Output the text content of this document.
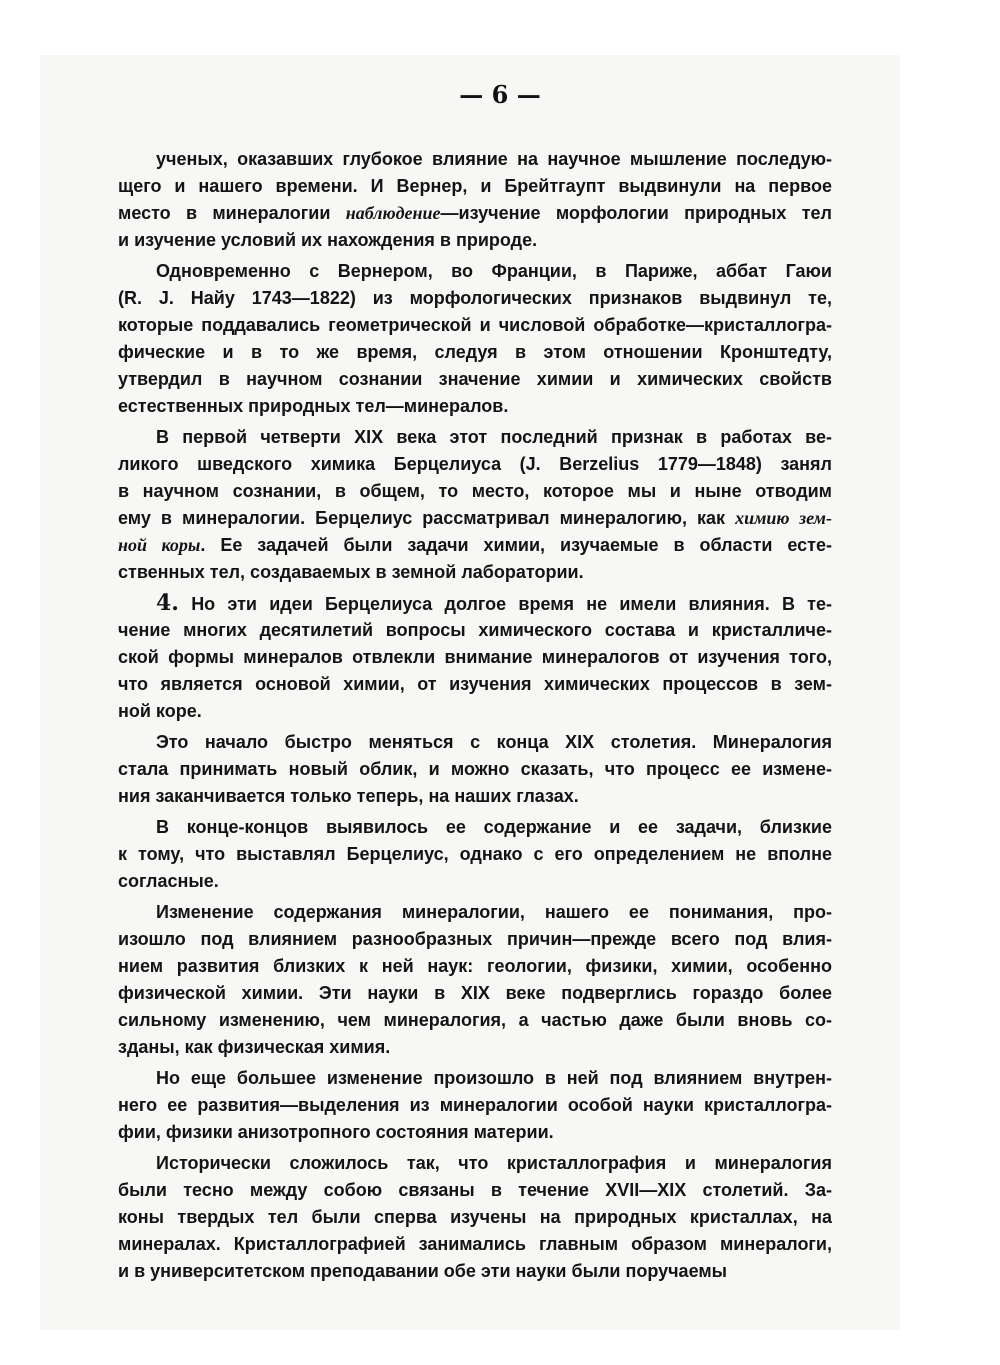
— 6 —
ученых, оказавших глубокое влияние на научное мышление последую-
щего и нашего времени. И Вернер, и Брейтгаупт выдвинули на первое
место в минералогии наблюдение—изучение морфологии природных тел
и изучение условий их нахождения в природе.
Одновременно с Вернером, во Франции, в Париже, аббат Гаюи
(R. J. Найу 1743—1822) из морфологических признаков выдвинул те,
которые поддавались геометрической и числовой обработке—кристаллогра-
фические и в то же время, следуя в этом отношении Кронштедту,
утвердил в научном сознании значение химии и химических свойств
естественных природных тел—минералов.
В первой четверти XIX века этот последний признак в работах ве-
ликого шведского химика Берцелиуса (J. Berzelius 1779—1848) занял
в научном сознании, в общем, то место, которое мы и ныне отводим
ему в минералогии. Берцелиус рассматривал минералогию, как химию зем-
ной коры. Ее задачей были задачи химии, изучаемые в области есте-
ственных тел, создаваемых в земной лаборатории.
4. Но эти идеи Берцелиуса долгое время не имели влияния. В те-
чение многих десятилетий вопросы химического состава и кристалличе-
ской формы минералов отвлекли внимание минералогов от изучения того,
что является основой химии, от изучения химических процессов в зем-
ной коре.
Это начало быстро меняться с конца XIX столетия. Минералогия
стала принимать новый облик, и можно сказать, что процесс ее измене-
ния заканчивается только теперь, на наших глазах.
В конце-концов выявилось ее содержание и ее задачи, близкие
к тому, что выставлял Берцелиус, однако с его определением не вполне
согласные.
Изменение содержания минералогии, нашего ее понимания, про-
изошло под влиянием разнообразных причин—прежде всего под влия-
нием развития близких к ней наук: геологии, физики, химии, особенно
физической химии. Эти науки в XIX веке подверглись гораздо более
сильному изменению, чем минералогия, а частью даже были вновь со-
зданы, как физическая химия.
Но еще большее изменение произошло в ней под влиянием внутрен-
него ее развития—выделения из минералогии особой науки кристаллогра-
фии, физики анизотропного состояния материи.
Исторически сложилось так, что кристаллография и минералогия
были тесно между собою связаны в течение XVII—XIX столетий. За-
коны твердых тел были сперва изучены на природных кристаллах, на
минералах. Кристаллографией занимались главным образом минералоги,
и в университетском преподавании обе эти науки были поручаемы
